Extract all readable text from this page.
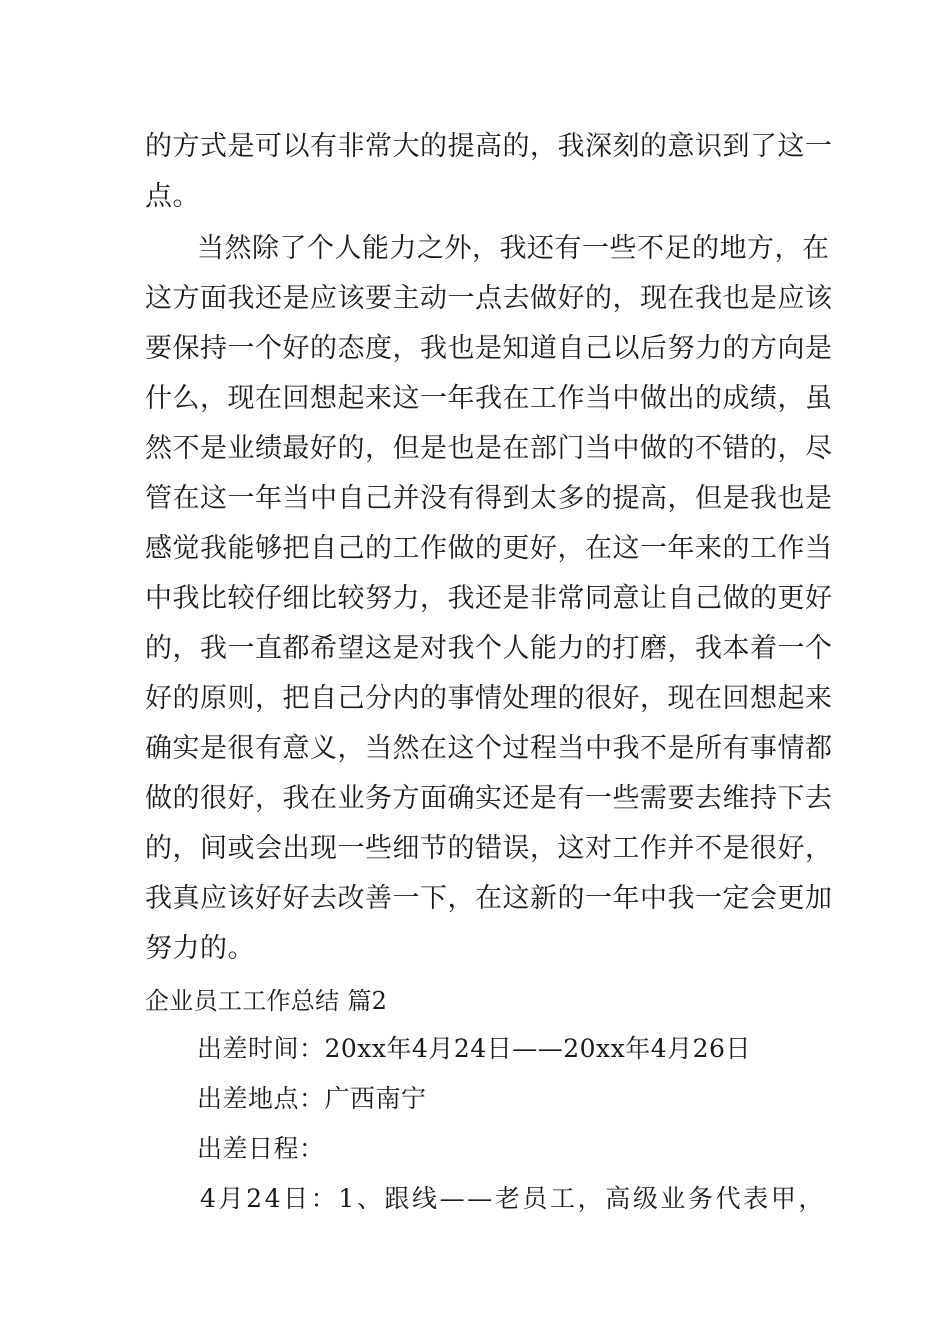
的方式是可以有非常大的提高的，我深刻的意识到了这一
点。
当然除了个人能力之外，我还有一些不足的地方，在
这方面我还是应该要主动一点去做好的，现在我也是应该
要保持一个好的态度，我也是知道自己以后努力的方向是
什么，现在回想起来这一年我在工作当中做出的成绩，虽
然不是业绩最好的，但是也是在部门当中做的不错的，尽
管在这一年当中自己并没有得到太多的提高，但是我也是
感觉我能够把自己的工作做的更好，在这一年来的工作当
中我比较仔细比较努力，我还是非常同意让自己做的更好
的，我一直都希望这是对我个人能力的打磨，我本着一个
好的原则，把自己分内的事情处理的很好，现在回想起来
确实是很有意义，当然在这个过程当中我不是所有事情都
做的很好，我在业务方面确实还是有一些需要去维持下去
的，间或会出现一些细节的错误，这对工作并不是很好，
我真应该好好去改善一下，在这新的一年中我一定会更加
努力的。
企业员工工作总结 篇2
出差时间：20xx年4月24日——20xx年4月26日
出差地点：广西南宁
出差日程：
4月24日：1、跟线——老员工，高级业务代表甲，
